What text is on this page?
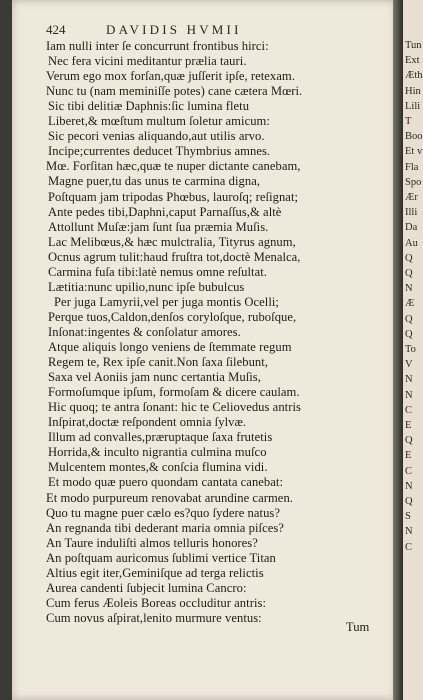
424	DAVIDIS HVMII
Iam nulli inter ſe concurrunt frontibus hirci:
Nec fera vicini meditantur prælia tauri.
Verum ego mox forſan,quæ juſſerit ipſe, retexam.
Nunc tu (nam meminiſſe potes) cane cætera Mœri.
Sic tibi delitiæ Daphnis:ſic lumina fletu
Liberet,& mœſtum multum ſoletur amicum:
Sic pecori venias aliquando,aut utilis arvo.
Incipe;currentes deducet Thymbrius amnes.
Mœ. Forſitan hæc,quæ te nuper dictante canebam,
Magne puer,tu das unus te carmina digna,
Poſtquam jam tripodas Phœbus, lauroſq; reſignat;
Ante pedes tibi,Daphni,caput Parnaſſus,& altè
Attollunt Muſæ:jam ſunt ſua præmia Muſis.
Lac Melibœus,& hæc mulctralia, Tityrus agnum,
Ocnus agrum tulit:haud fruſtra tot,doctè Menalca,
Carmina fuſa tibi:latè nemus omne reſultat.
Lætitia:nunc upilio,nunc ipſe bubulcus
Per juga Lamyrii,vel per juga montis Ocelli;
Perque tuos,Caldon,denſos coryloſque, ruboſque,
Inſonat:ingentes & conſolatur amores.
Atque aliquis longo veniens de ſtemmate regum
Regem te, Rex ipſe canit.Non ſaxa ſilebunt,
Saxa vel Aoniis jam nunc certantia Muſis,
Formoſumque ipſum, formoſam & dicere caulam.
Hic quoq; te antra ſonant: hic te Celiovedus antris
Inſpirat,doctæ reſpondent omnia ſylvæ.
Illum ad convalles,præruptaque ſaxa frutetis
Horrida,& inculto nigrantia culmina muſco
Mulcentem montes,& conſcia flumina vidi.
Et modo quæ puero quondam cantata canebat:
Et modo purpureum renovabat arundine carmen.
Quo tu magne puer cælo es?quo ſydere natus?
An regnanda tibi dederant maria omnia piſces?
An Taure induliſti almos telluris honores?
An poſtquam auricomus ſublimi vertice Titan
Altius egit iter,Geminiſque ad terga relictis
Aurea candenti ſubjecit lumina Cancro:
Cum ferus Æoleis Boreas occluditur antris:
Cum novus aſpirat,lenito murmure ventus:
Tum
Tun
Ext
Æth
Hin
Lili
T
Boo
Et v
Fla
Spo
Ær
Illi
Da
Au
Q
Q
N
Æ
Q
Q
To
V
N
N
C
E
Q
E
C
N
Q
S
N
C
